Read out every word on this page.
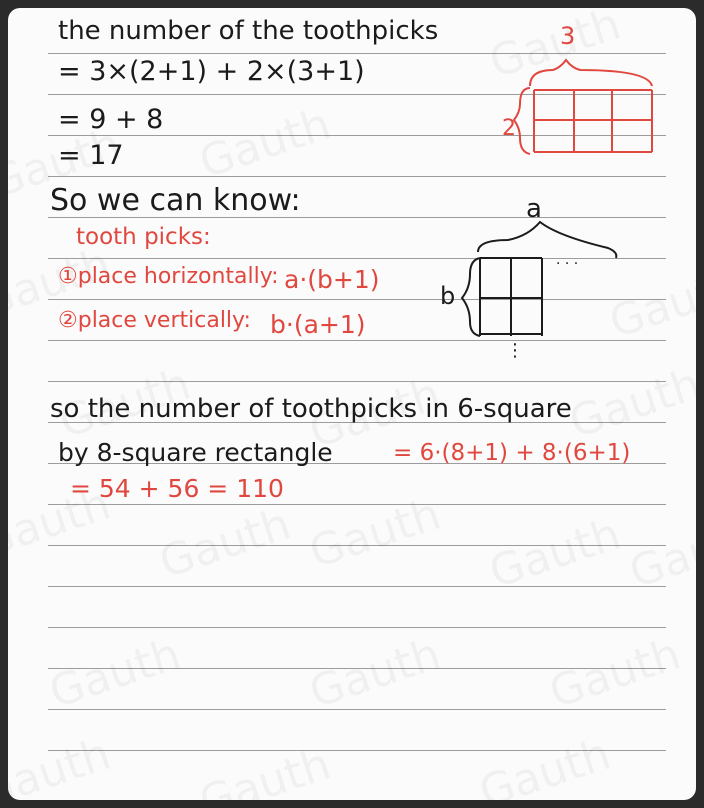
the number of the toothpicks
= 3×(2+1) + 2×(3+1)
= 9 + 8
= 17
So we can know:
tooth picks:
①place horizontally: a·(b+1)
②place vertically: b·(a+1)
so the number of toothpicks in 6-square
by 8-square rectangle	= 6·(8+1) + 8·(6+1)
= 54 + 56 = 110
3
2
a
b
· · ·
⋮
